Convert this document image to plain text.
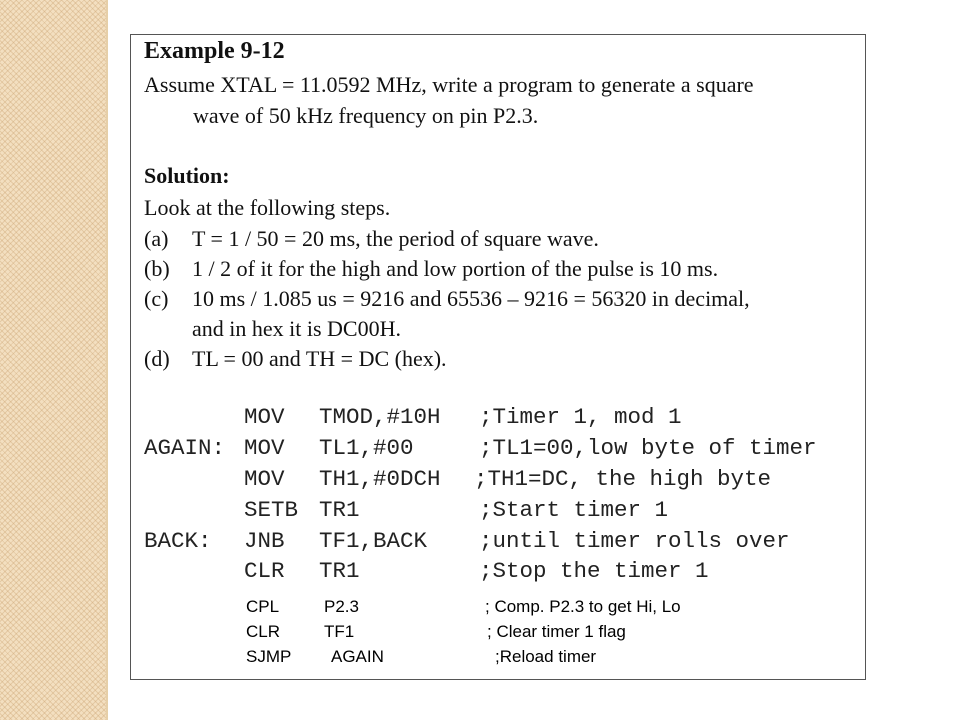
Example 9-12
Assume XTAL = 11.0592 MHz, write a program to generate a square
wave of 50 kHz frequency on pin P2.3.
Solution:
Look at the following steps.
(a) T = 1 / 50 = 20 ms, the period of square wave.
(b) 1 / 2 of it for the high and low portion of the pulse is 10 ms.
(c) 10 ms / 1.085 us = 9216 and 65536 – 9216 = 56320 in decimal,
and in hex it is DC00H.
(d) TL = 00 and TH = DC (hex).
MOV TMOD,#10H ;Timer 1, mod 1
AGAIN: MOV TL1,#00	;TL1=00,low byte of timer
MOV TH1,#0DCH ;TH1=DC, the high byte
SETB TR1	;Start timer 1
BACK: JNB TF1,BACK ;until timer rolls over
CLR TR1	;Stop the timer 1
CPL	P2.3	; Comp. P2.3 to get Hi, Lo
CLR	TF1	; Clear timer 1 flag
SJMP AGAIN	;Reload timer
